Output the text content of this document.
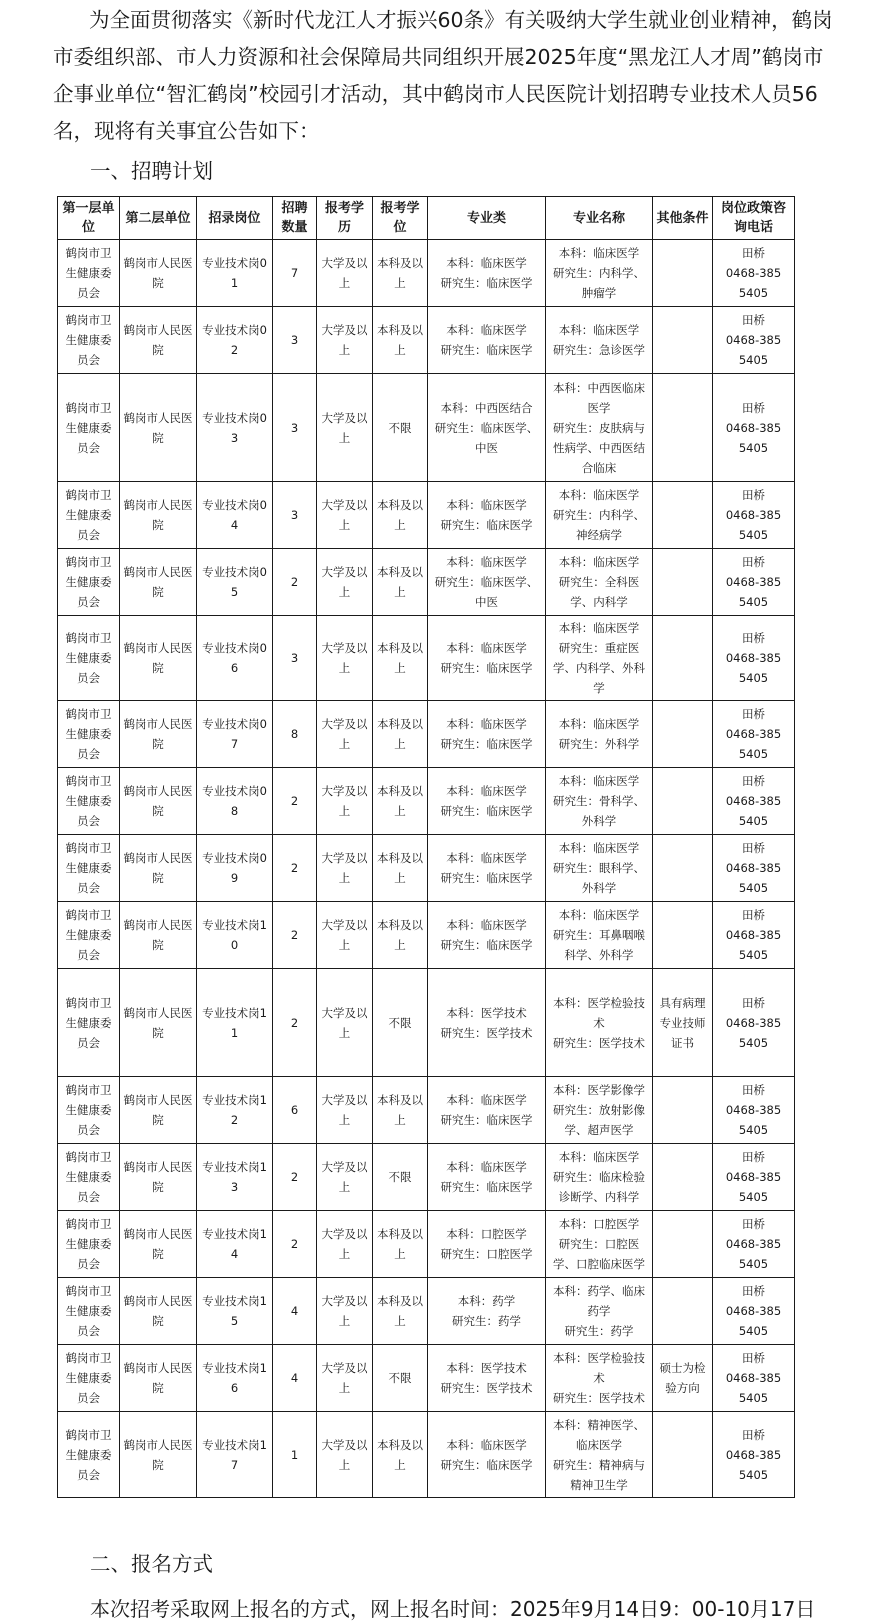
为全面贯彻落实《新时代龙江人才振兴60条》有关吸纳大学生就业创业精神，鹤岗市委组织部、市人力资源和社会保障局共同组织开展2025年度“黑龙江人才周”鹤岗市企事业单位“智汇鹤岗”校园引才活动，其中鹤岗市人民医院计划招聘专业技术人员56名，现将有关事宜公告如下：

一、招聘计划
第一层单位	第二层单位	招录岗位	招聘数量	报考学历	报考学位	专业类	专业名称	其他条件	岗位政策咨询电话
鹤岗市卫生健康委员会	鹤岗市人民医院	专业技术岗01	7	大学及以上	本科及以上	本科：临床医学
研究生：临床医学	本科：临床医学
研究生：内科学、肿瘤学		田桥
0468-385
5405
鹤岗市卫生健康委员会	鹤岗市人民医院	专业技术岗02	3	大学及以上	本科及以上	本科：临床医学
研究生：临床医学	本科：临床医学
研究生：急诊医学		田桥
0468-385
5405
鹤岗市卫生健康委员会	鹤岗市人民医院	专业技术岗03	3	大学及以上	不限	本科：中西医结合
研究生：临床医学、中医	本科：中西医临床医学
研究生：皮肤病与性病学、中西医结合临床		田桥
0468-385
5405
鹤岗市卫生健康委员会	鹤岗市人民医院	专业技术岗04	3	大学及以上	本科及以上	本科：临床医学
研究生：临床医学	本科：临床医学
研究生：内科学、神经病学		田桥
0468-385
5405
鹤岗市卫生健康委员会	鹤岗市人民医院	专业技术岗05	2	大学及以上	本科及以上	本科：临床医学
研究生：临床医学、中医	本科：临床医学
研究生：全科医学、内科学		田桥
0468-385
5405
鹤岗市卫生健康委员会	鹤岗市人民医院	专业技术岗06	3	大学及以上	本科及以上	本科：临床医学
研究生：临床医学	本科：临床医学
研究生：重症医学、内科学、外科学		田桥
0468-385
5405
鹤岗市卫生健康委员会	鹤岗市人民医院	专业技术岗07	8	大学及以上	本科及以上	本科：临床医学
研究生：临床医学	本科：临床医学
研究生：外科学		田桥
0468-385
5405
鹤岗市卫生健康委员会	鹤岗市人民医院	专业技术岗08	2	大学及以上	本科及以上	本科：临床医学
研究生：临床医学	本科：临床医学
研究生：骨科学、外科学		田桥
0468-385
5405
鹤岗市卫生健康委员会	鹤岗市人民医院	专业技术岗09	2	大学及以上	本科及以上	本科：临床医学
研究生：临床医学	本科：临床医学
研究生：眼科学、外科学		田桥
0468-385
5405
鹤岗市卫生健康委员会	鹤岗市人民医院	专业技术岗10	2	大学及以上	本科及以上	本科：临床医学
研究生：临床医学	本科：临床医学
研究生：耳鼻咽喉科学、外科学		田桥
0468-385
5405
鹤岗市卫生健康委员会	鹤岗市人民医院	专业技术岗11	2	大学及以上	不限	本科：医学技术
研究生：医学技术	本科：医学检验技术
研究生：医学技术	具有病理专业技师证书	田桥
0468-385
5405
鹤岗市卫生健康委员会	鹤岗市人民医院	专业技术岗12	6	大学及以上	本科及以上	本科：临床医学
研究生：临床医学	本科：医学影像学
研究生：放射影像学、超声医学		田桥
0468-385
5405
鹤岗市卫生健康委员会	鹤岗市人民医院	专业技术岗13	2	大学及以上	不限	本科：临床医学
研究生：临床医学	本科：临床医学
研究生：临床检验诊断学、内科学		田桥
0468-385
5405
鹤岗市卫生健康委员会	鹤岗市人民医院	专业技术岗14	2	大学及以上	本科及以上	本科：口腔医学
研究生：口腔医学	本科：口腔医学
研究生：口腔医学、口腔临床医学		田桥
0468-385
5405
鹤岗市卫生健康委员会	鹤岗市人民医院	专业技术岗15	4	大学及以上	本科及以上	本科：药学
研究生：药学	本科：药学、临床药学
研究生：药学		田桥
0468-385
5405
鹤岗市卫生健康委员会	鹤岗市人民医院	专业技术岗16	4	大学及以上	不限	本科：医学技术
研究生：医学技术	本科：医学检验技术
研究生：医学技术	硕士为检验方向	田桥
0468-385
5405
鹤岗市卫生健康委员会	鹤岗市人民医院	专业技术岗17	1	大学及以上	本科及以上	本科：临床医学
研究生：临床医学	本科：精神医学、临床医学
研究生：精神病与精神卫生学		田桥
0468-385
5405
二、报名方式
本次招考采取网上报名的方式，网上报名时间：2025年9月14日9：00-10月17日
